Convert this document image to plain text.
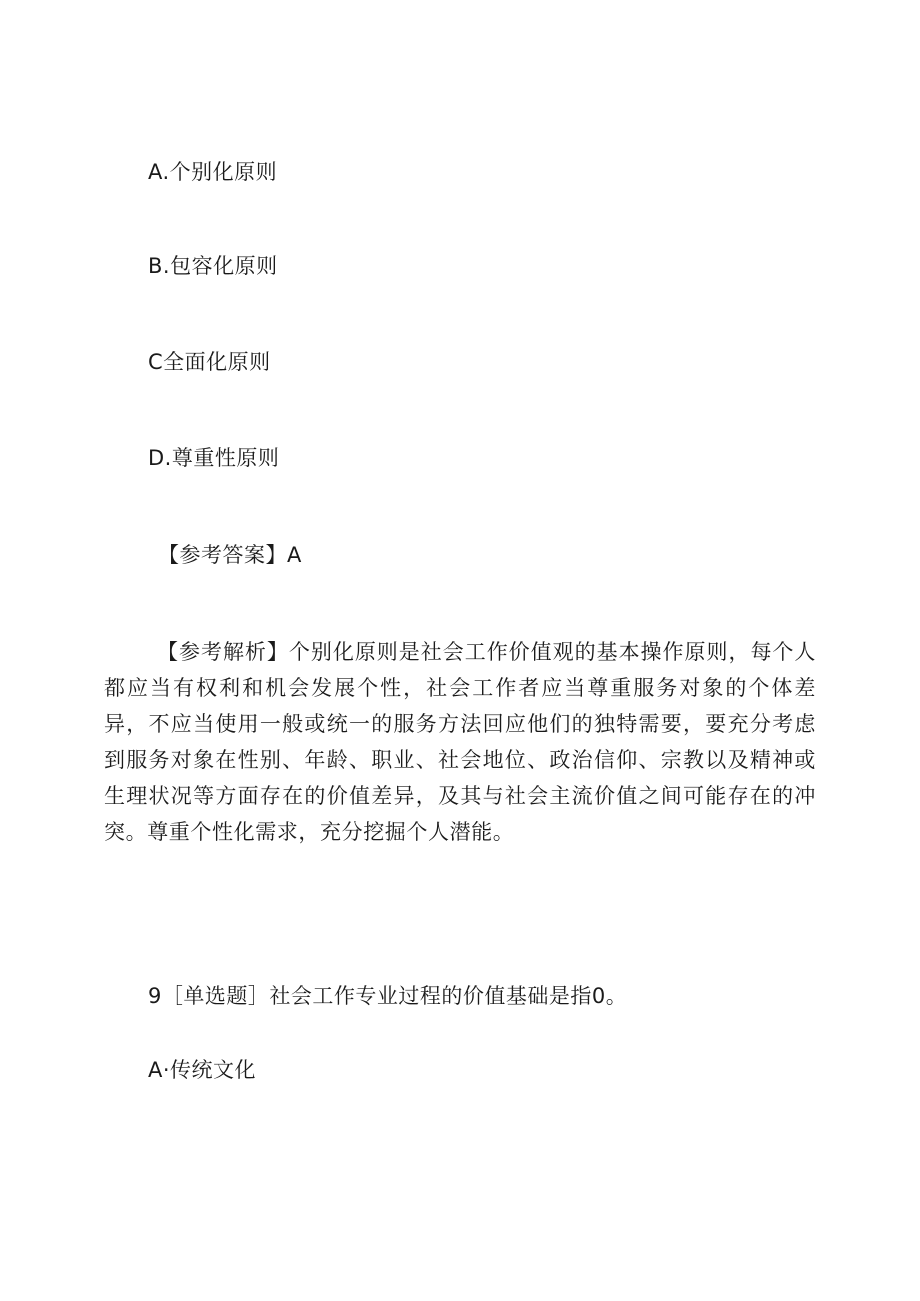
A.个别化原则
B.包容化原则
C全面化原则
D.尊重性原则
【参考答案】A

【参考解析】个别化原则是社会工作价值观的基本操作原则，每个人都应当有权利和机会发展个性，社会工作者应当尊重服务对象的个体差异，不应当使用一般或统一的服务方法回应他们的独特需要，要充分考虑到服务对象在性别、年龄、职业、社会地位、政治信仰、宗教以及精神或生理状况等方面存在的价值差异，及其与社会主流价值之间可能存在的冲突。尊重个性化需求，充分挖掘个人潜能。

9［单选题］社会工作专业过程的价值基础是指0。
A·传统文化
